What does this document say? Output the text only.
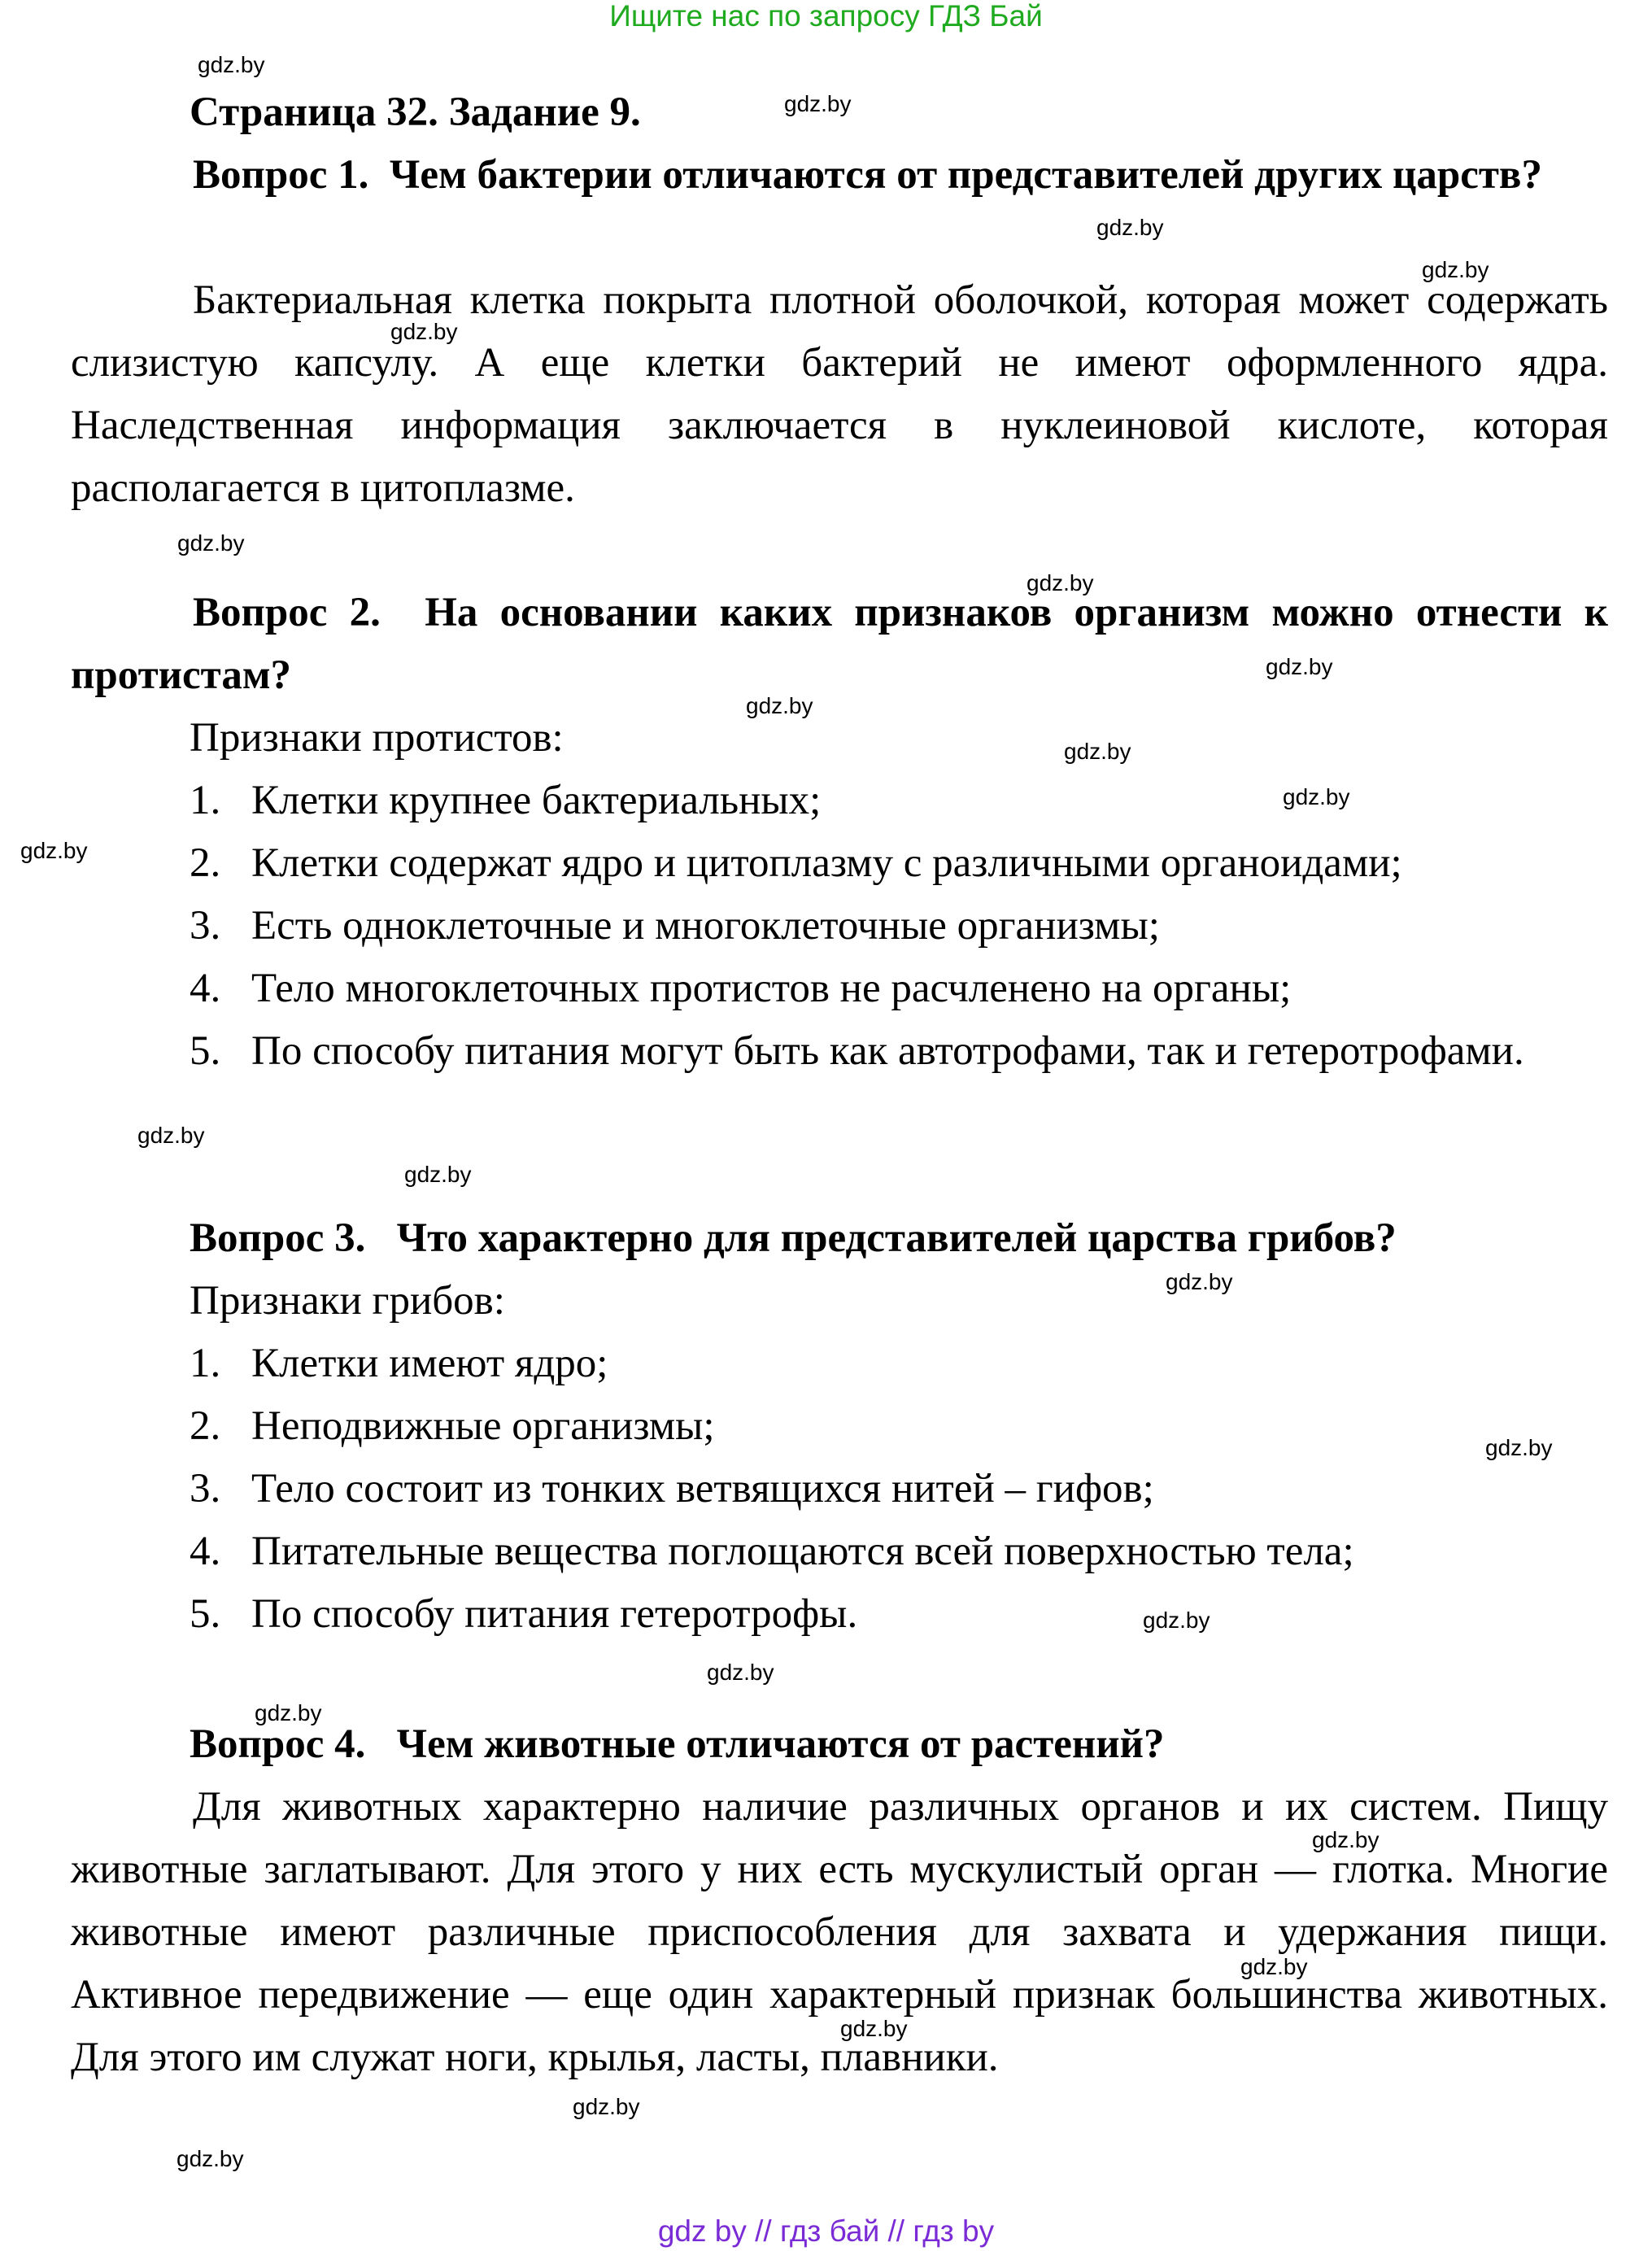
Ищите нас по запросу ГДЗ Бай
Страница 32. Задание 9.
Вопрос 1. Чем бактерии отличаются от представителей других царств?

Бактериальная клетка покрыта плотной оболочкой, которая может содержать слизистую капсулу. А еще клетки бактерий не имеют оформленного ядра. Наследственная информация заключается в нуклеиновой кислоте, которая располагается в цитоплазме.

Вопрос 2. На основании каких признаков организм можно отнести к протистам?
Признаки протистов:
1. Клетки крупнее бактериальных;
2. Клетки содержат ядро и цитоплазму с различными органоидами;
3. Есть одноклеточные и многоклеточные организмы;
4. Тело многоклеточных протистов не расчленено на органы;
5. По способу питания могут быть как автотрофами, так и гетеротрофами.
Вопрос 3. Что характерно для представителей царства грибов?
Признаки грибов:
1. Клетки имеют ядро;
2. Неподвижные организмы;
3. Тело состоит из тонких ветвящихся нитей – гифов;
4. Питательные вещества поглощаются всей поверхностью тела;
5. По способу питания гетеротрофы.
Вопрос 4. Чем животные отличаются от растений?

Для животных характерно наличие различных органов и их систем. Пищу животные заглатывают. Для этого у них есть мускулистый орган — глотка. Многие животные имеют различные приспособления для захвата и удержания пищи. Активное передвижение — еще один характерный признак большинства животных. Для этого им служат ноги, крылья, ласты, плавники.

gdz.by
gdz.by
gdz.by
gdz.by
gdz.by
gdz.by
gdz.by
gdz.by
gdz.by
gdz.by
gdz.by
gdz.by
gdz.by
gdz.by
gdz.by
gdz.by
gdz.by
gdz.by
gdz.by
gdz.by
gdz.by
gdz.by
gdz.by
gdz.by
gdz by // гдз бай // гдз by
